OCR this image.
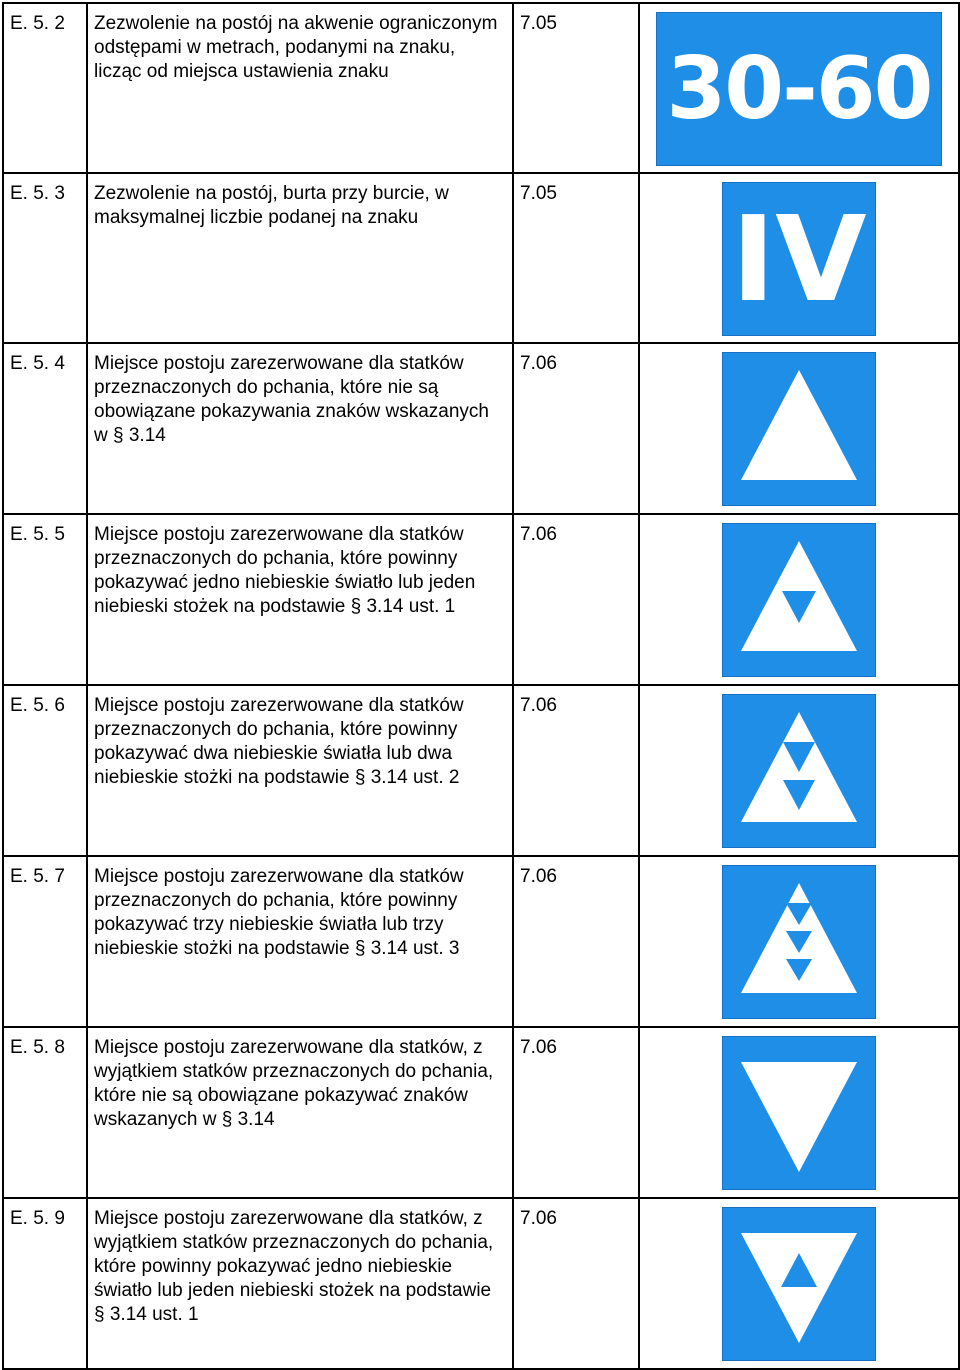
E. 5. 2	Zezwolenie na postój na akwenie ograniczonym odstępami w metrach, podanymi na znaku, licząc od miejsca ustawienia znaku	7.05	30-60

E. 5. 3	Zezwolenie na postój, burta przy burcie, w maksymalnej liczbie podanej na znaku	7.05	IV

E. 5. 4	Miejsce postoju zarezerwowane dla statków przeznaczonych do pchania, które nie są obowiązane pokazywania znaków wskazanych w § 3.14	7.06	

E. 5. 5	Miejsce postoju zarezerwowane dla statków przeznaczonych do pchania, które powinny pokazywać jedno niebieskie światło lub jeden niebieski stożek na podstawie § 3.14 ust. 1	7.06	

E. 5. 6	Miejsce postoju zarezerwowane dla statków przeznaczonych do pchania, które powinny pokazywać dwa niebieskie światła lub dwa niebieskie stożki na podstawie § 3.14 ust. 2	7.06	

E. 5. 7	Miejsce postoju zarezerwowane dla statków przeznaczonych do pchania, które powinny pokazywać trzy niebieskie światła lub trzy niebieskie stożki na podstawie § 3.14 ust. 3	7.06	

E. 5. 8	Miejsce postoju zarezerwowane dla statków, z wyjątkiem statków przeznaczonych do pchania, które nie są obowiązane pokazywać znaków wskazanych w § 3.14	7.06	

E. 5. 9	Miejsce postoju zarezerwowane dla statków, z wyjątkiem statków przeznaczonych do pchania, które powinny pokazywać jedno niebieskie światło lub jeden niebieski stożek na podstawie § 3.14 ust. 1	7.06	
